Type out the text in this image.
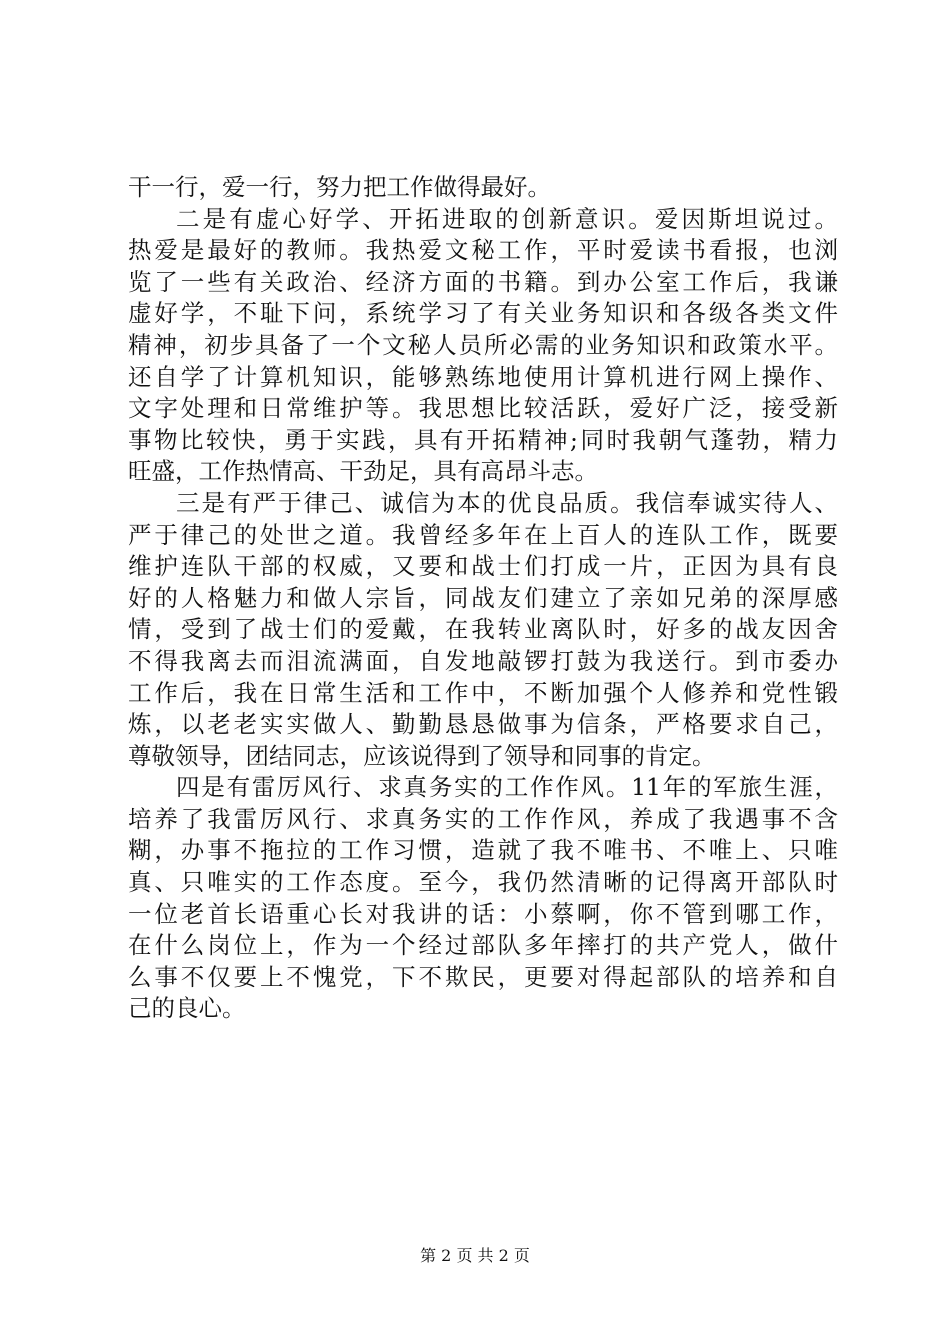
干一行，爱一行，努力把工作做得最好。
二是有虚心好学、开拓进取的创新意识。爱因斯坦说过。
热爱是最好的教师。我热爱文秘工作，平时爱读书看报，也浏
览了一些有关政治、经济方面的书籍。到办公室工作后，我谦
虚好学，不耻下问，系统学习了有关业务知识和各级各类文件
精神，初步具备了一个文秘人员所必需的业务知识和政策水平。
还自学了计算机知识，能够熟练地使用计算机进行网上操作、
文字处理和日常维护等。我思想比较活跃，爱好广泛，接受新
事物比较快，勇于实践，具有开拓精神;同时我朝气蓬勃，精力
旺盛，工作热情高、干劲足，具有高昂斗志。
三是有严于律己、诚信为本的优良品质。我信奉诚实待人、
严于律己的处世之道。我曾经多年在上百人的连队工作，既要
维护连队干部的权威，又要和战士们打成一片，正因为具有良
好的人格魅力和做人宗旨，同战友们建立了亲如兄弟的深厚感
情，受到了战士们的爱戴，在我转业离队时，好多的战友因舍
不得我离去而泪流满面，自发地敲锣打鼓为我送行。到市委办
工作后，我在日常生活和工作中，不断加强个人修养和党性锻
炼，以老老实实做人、勤勤恳恳做事为信条，严格要求自己，
尊敬领导，团结同志，应该说得到了领导和同事的肯定。
四是有雷厉风行、求真务实的工作作风。11年的军旅生涯，
培养了我雷厉风行、求真务实的工作作风，养成了我遇事不含
糊，办事不拖拉的工作习惯，造就了我不唯书、不唯上、只唯
真、只唯实的工作态度。至今，我仍然清晰的记得离开部队时
一位老首长语重心长对我讲的话：小蔡啊，你不管到哪工作，
在什么岗位上，作为一个经过部队多年摔打的共产党人，做什
么事不仅要上不愧党，下不欺民，更要对得起部队的培养和自
己的良心。
第 2 页 共 2 页
